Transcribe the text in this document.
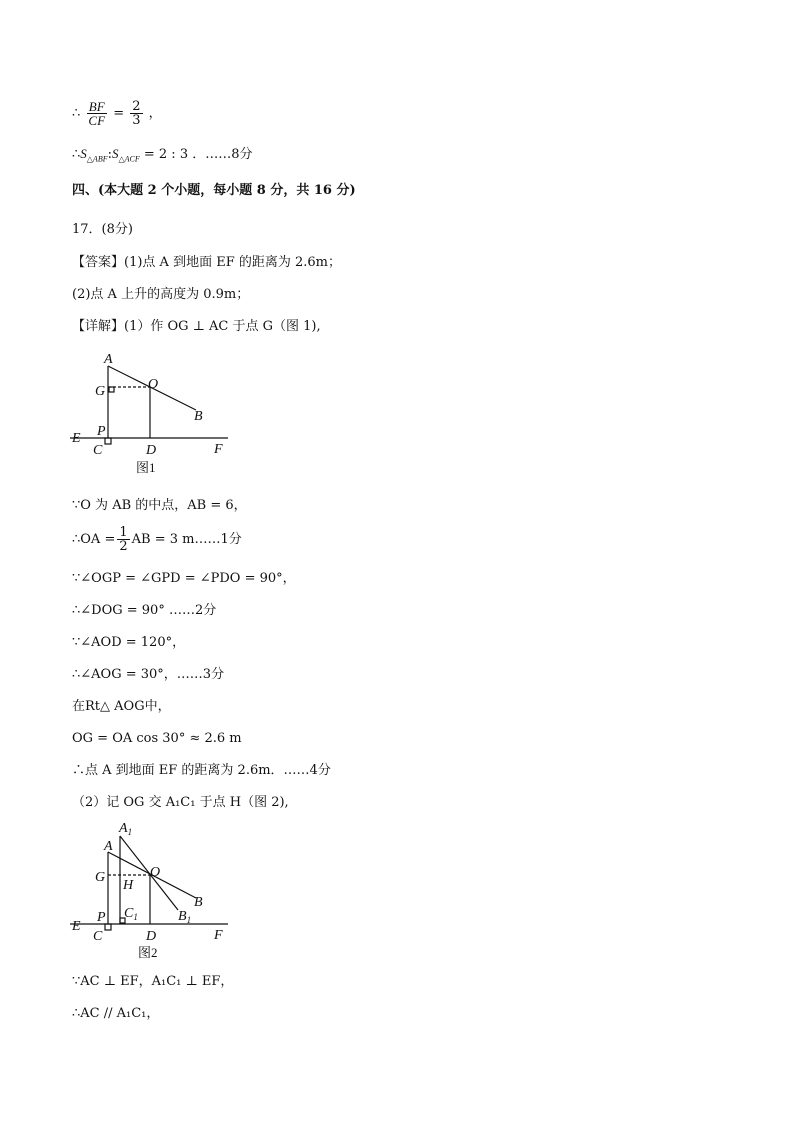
∴ $\frac{BF}{CF} = \frac{2}{3}$ ，
$\therefore S_{\triangle ABF}:S_{\triangle ACF} = 2$ : 3 ．……8分
四、(本大题 2 个小题，每小题 8 分，共 16 分)
17．(8分)
【答案】(1)点 A 到地面 EF 的距离为 2.6m；
(2)点 A 上升的高度为 0.9m；
【详解】(1）作 OG ⊥ AC 于点 G（图 1),
A
G	O
B
E P
C	D	F
图1
∵O 为 AB 的中点，AB = 6，
∴OA = $\frac{1}{2}$ AB = 3 m……1分
∵∠OGP = ∠GPD = ∠PDO = 90°，
∴∠DOG = 90° ……2分
∵∠AOD = 120°，
∴∠AOG = 30°，……3分
在Rt△ AOG中，
OG = OA cos 30° ≈ 2.6 m
∴点 A 到地面 EF 的距离为 2.6m．……4分
（2）记 OG 交 A₁C₁ 于点 H（图 2),
$A_1$
A
G
H
O
B
$B_1$
E
P $C_1$
C	D	F
图2
∵AC ⊥ EF，A₁C₁ ⊥ EF，
∴AC // A₁C₁，
